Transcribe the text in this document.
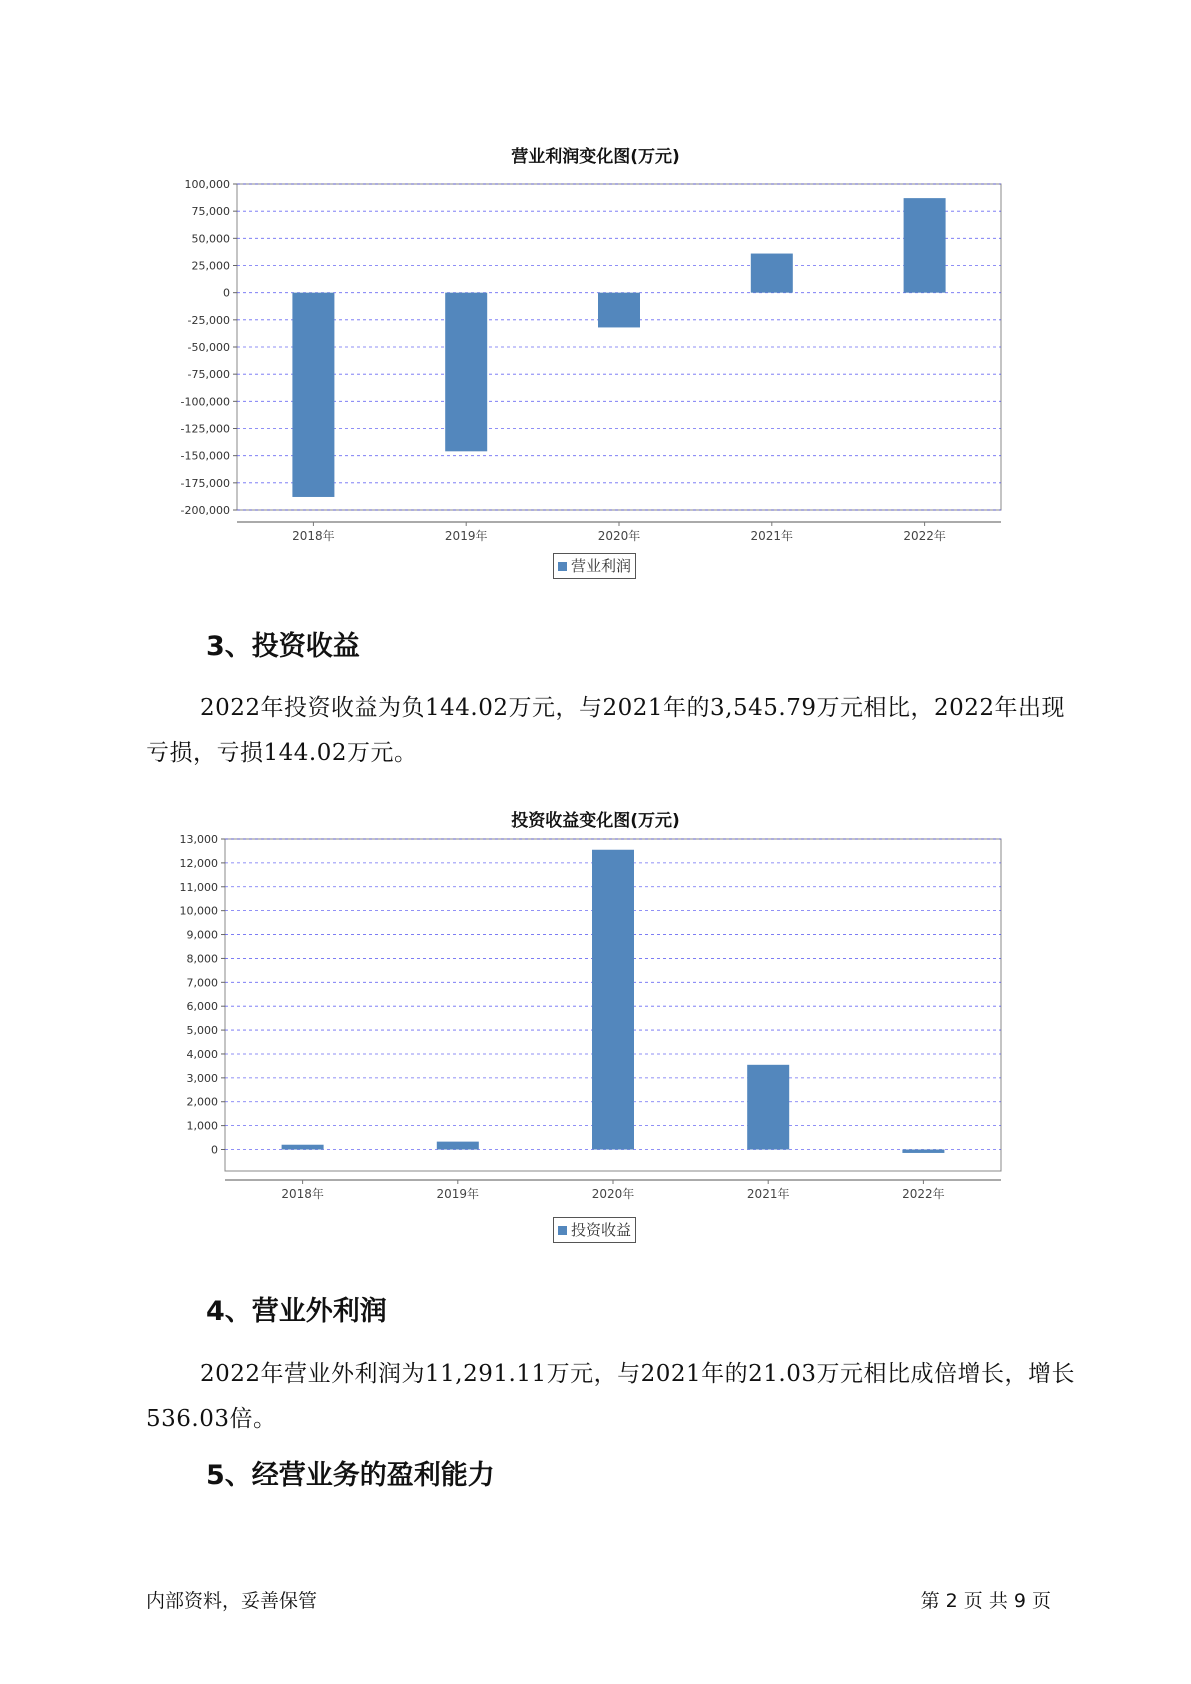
营业利润变化图(万元)
100,000
75,000
50,000
25,000
0
-25,000
-50,000
-75,000
-100,000
-125,000
-150,000
-175,000
-200,000
2018年	2019年	2020年	2021年	2022年
营业利润
3、投资收益

2022年投资收益为负144.02万元，与2021年的3,545.79万元相比，2022年出现亏损，亏损144.02万元。

投资收益变化图(万元)
13,000
12,000
11,000
10,000
9,000
8,000
7,000
6,000
5,000
4,000
3,000
2,000
1,000
0
2018年	2019年	2020年	2021年	2022年
投资收益
4、营业外利润

2022年营业外利润为11,291.11万元，与2021年的21.03万元相比成倍增长，增长536.03倍。

5、经营业务的盈利能力
内部资料，妥善保管	第 2 页 共 9 页
